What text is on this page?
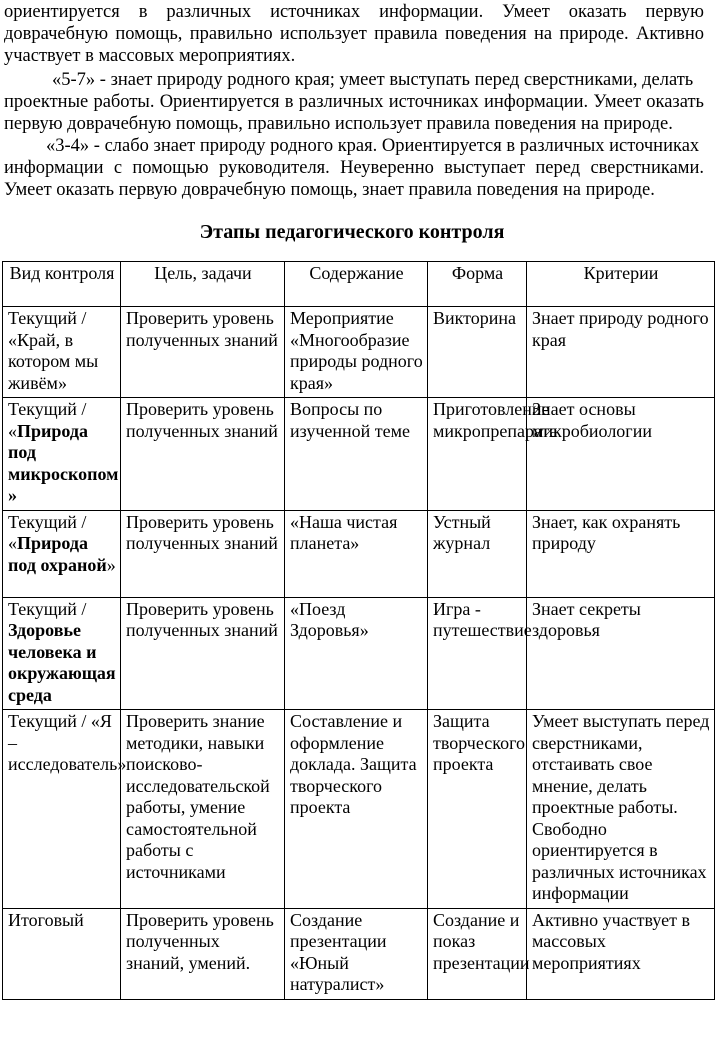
ориентируется в различных источниках информации. Умеет оказать первую
доврачебную помощь, правильно использует правила поведения на природе. Активно
участвует в массовых мероприятиях.
«5-7» - знает природу родного края; умеет выступать перед сверстниками, делать
проектные работы. Ориентируется в различных источниках информации. Умеет оказать
первую доврачебную помощь, правильно использует правила поведения на природе.
«3-4» - слабо знает природу родного края. Ориентируется в различных источниках
информации с помощью руководителя. Неуверенно выступает перед сверстниками.
Умеет оказать первую доврачебную помощь, знает правила поведения на природе.
Этапы педагогического контроля
Вид контроля	Цель, задачи	Содержание	Форма	Критерии
Текущий / «Край, в котором мы живём»	Проверить уровень полученных знаний	Мероприятие «Многообразие природы родного края»	Викторина	Знает природу родного края
Текущий / «Природа под микроскопом »	Проверить уровень полученных знаний	Вопросы по изученной теме	Приготовление микропрепарата	Знает основы микробиологии
Текущий / «Природа под охраной»	Проверить уровень полученных знаний	«Наша чистая планета»	Устный журнал	Знает, как охранять природу
Текущий / Здоровье человека и окружающая среда	Проверить уровень полученных знаний	«Поезд Здоровья»	Игра - путешествие	Знает секреты здоровья
Текущий / «Я – исследователь»	Проверить знание методики, навыки поисково-исследовательской работы, умение самостоятельной работы с источниками	Составление и оформление доклада. Защита творческого проекта	Защита творческого проекта	Умеет выступать перед сверстниками, отстаивать свое мнение, делать проектные работы. Свободно ориентируется в различных источниках информации
Итоговый	Проверить уровень полученных знаний, умений.	Создание презентации «Юный натуралист»	Создание и показ презентации	Активно участвует в массовых мероприятиях
